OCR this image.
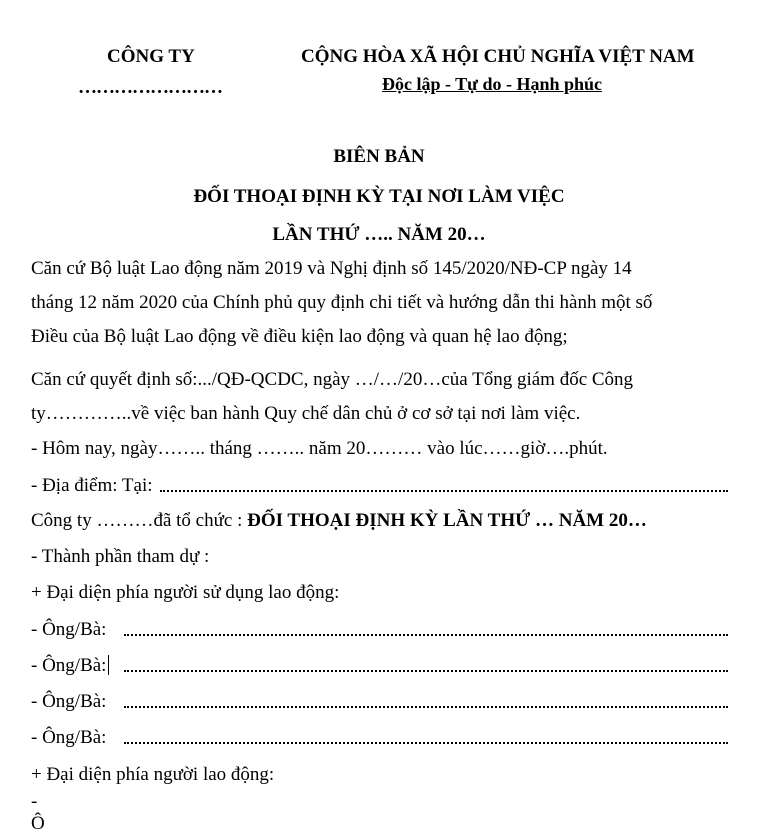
CÔNG TY
……………………
CỘNG HÒA XÃ HỘI CHỦ NGHĨA VIỆT NAM
Độc lập - Tự do - Hạnh phúc
BIÊN BẢN
ĐỐI THOẠI ĐỊNH KỲ TẠI NƠI LÀM VIỆC
LẦN THỨ ….. NĂM 20…
Căn cứ Bộ luật Lao động năm 2019 và Nghị định số 145/2020/NĐ-CP ngày 14
tháng 12 năm 2020 của Chính phủ quy định chi tiết và hướng dẫn thi hành một số
Điều của Bộ luật Lao động về điều kiện lao động và quan hệ lao động;
Căn cứ quyết định số:.../QĐ-QCDC, ngày …/…/20…của Tổng giám đốc Công
ty…………..về việc ban hành Quy chế dân chủ ở cơ sở tại nơi làm việc.
- Hôm nay, ngày…….. tháng …….. năm 20……… vào lúc……giờ….phút.
- Địa điểm: Tại:
Công ty ………đã tổ chức : ĐỐI THOẠI ĐỊNH KỲ LẦN THỨ … NĂM 20…
- Thành phần tham dự :
+ Đại diện phía người sử dụng lao động:
- Ông/Bà:
- Ông/Bà:
- Ông/Bà:
- Ông/Bà:
+ Đại diện phía người lao động:
- Ô
